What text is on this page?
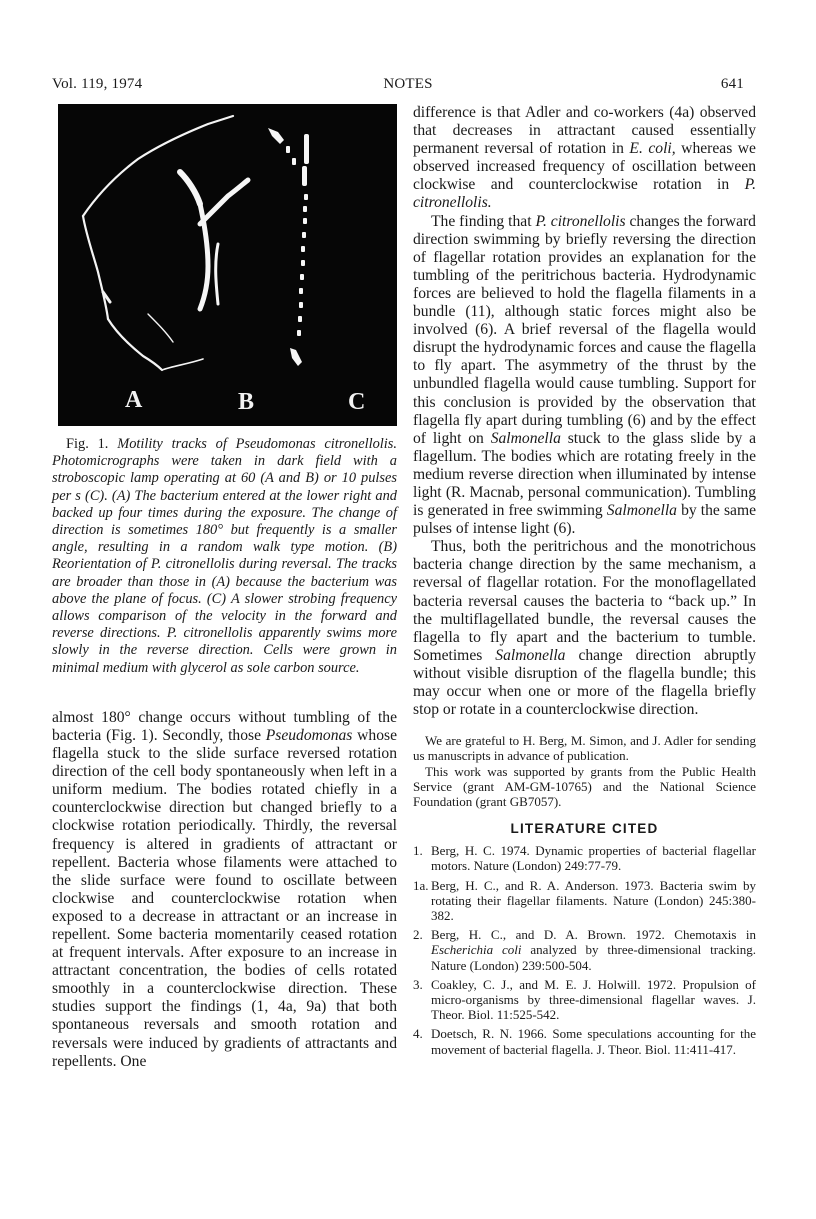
Vol. 119, 1974	NOTES	641
A	B	C
Fig. 1. Motility tracks of Pseudomonas citronellolis. Photomicrographs were taken in dark field with a stroboscopic lamp operating at 60 (A and B) or 10 pulses per s (C). (A) The bacterium entered at the lower right and backed up four times during the exposure. The change of direction is sometimes 180° but frequently is a smaller angle, resulting in a random walk type motion. (B) Reorientation of P. citronellolis during reversal. The tracks are broader than those in (A) because the bacterium was above the plane of focus. (C) A slower strobing frequency allows comparison of the velocity in the forward and reverse directions. P. citronellolis apparently swims more slowly in the reverse direction. Cells were grown in minimal medium with glycerol as sole carbon source.

almost 180° change occurs without tumbling of the bacteria (Fig. 1). Secondly, those Pseudomonas whose flagella stuck to the slide surface reversed rotation direction of the cell body spontaneously when left in a uniform medium. The bodies rotated chiefly in a counterclockwise direction but changed briefly to a clockwise rotation periodically. Thirdly, the reversal frequency is altered in gradients of attractant or repellent. Bacteria whose filaments were attached to the slide surface were found to oscillate between clockwise and counterclockwise rotation when exposed to a decrease in attractant or an increase in repellent. Some bacteria momentarily ceased rotation at frequent intervals. After exposure to an increase in attractant concentration, the bodies of cells rotated smoothly in a counterclockwise direction. These studies support the findings (1, 4a, 9a) that both spontaneous reversals and smooth rotation and reversals were induced by gradients of attractants and repellents. One

difference is that Adler and co-workers (4a) observed that decreases in attractant caused essentially permanent reversal of rotation in E. coli, whereas we observed increased frequency of oscillation between clockwise and counterclockwise rotation in P. citronellolis.

The finding that P. citronellolis changes the forward direction swimming by briefly reversing the direction of flagellar rotation provides an explanation for the tumbling of the peritrichous bacteria. Hydrodynamic forces are believed to hold the flagella filaments in a bundle (11), although static forces might also be involved (6). A brief reversal of the flagella would disrupt the hydrodynamic forces and cause the flagella to fly apart. The asymmetry of the thrust by the unbundled flagella would cause tumbling. Support for this conclusion is provided by the observation that flagella fly apart during tumbling (6) and by the effect of light on Salmonella stuck to the glass slide by a flagellum. The bodies which are rotating freely in the medium reverse direction when illuminated by intense light (R. Macnab, personal communication). Tumbling is generated in free swimming Salmonella by the same pulses of intense light (6).

Thus, both the peritrichous and the monotrichous bacteria change direction by the same mechanism, a reversal of flagellar rotation. For the monoflagellated bacteria reversal causes the bacteria to “back up.” In the multiflagellated bundle, the reversal causes the flagella to fly apart and the bacterium to tumble. Sometimes Salmonella change direction abruptly without visible disruption of the flagella bundle; this may occur when one or more of the flagella briefly stop or rotate in a counterclockwise direction.

We are grateful to H. Berg, M. Simon, and J. Adler for sending us manuscripts in advance of publication.

This work was supported by grants from the Public Health Service (grant AM-GM-10765) and the National Science Foundation (grant GB7057).

LITERATURE CITED
1. Berg, H. C. 1974. Dynamic properties of bacterial flagellar motors. Nature (London) 249:77-79.
1a. Berg, H. C., and R. A. Anderson. 1973. Bacteria swim by rotating their flagellar filaments. Nature (London) 245:380-382.
2. Berg, H. C., and D. A. Brown. 1972. Chemotaxis in Escherichia coli analyzed by three-dimensional tracking. Nature (London) 239:500-504.
3. Coakley, C. J., and M. E. J. Holwill. 1972. Propulsion of micro-organisms by three-dimensional flagellar waves. J. Theor. Biol. 11:525-542.
4. Doetsch, R. N. 1966. Some speculations accounting for the movement of bacterial flagella. J. Theor. Biol. 11:411-417.
